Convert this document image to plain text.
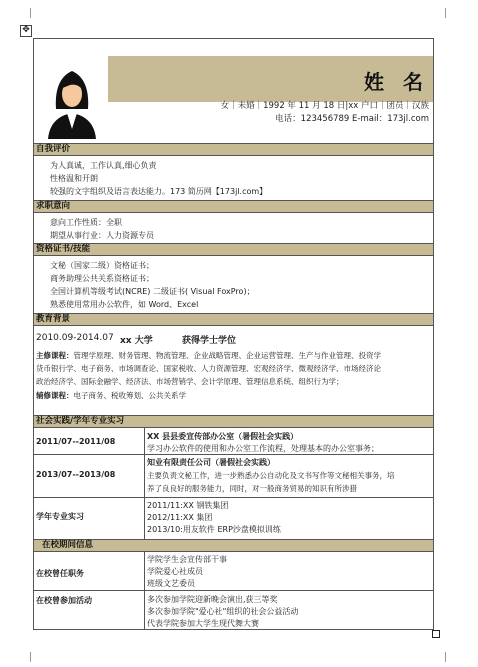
✥
姓 名
女｜未婚｜1992 年 11 月 18 日|xx 户口｜团员｜汉族
电话：123456789 E-mail：173jl.com
自我评价
为人真诚，工作认真,细心负责
性格温和开朗
较强的文字组织及语言表达能力。173 简历网【173jl.com】
求职意向
意向工作性质：全职
期望从事行业：人力资源专员
资格证书/技能
文秘（国家二级）资格证书；
商务助理公共关系资格证书；
全国计算机等级考试(NCRE) 二级证书( Visual FoxPro)；
熟悉使用常用办公软件，如 Word、Excel
教育背景
2010.09-2014.07 xx 大学	获得学士学位
主修课程：管理学原理、财务管理、物流管理、企业战略管理、企业运营管理、生产与作业管理、投资学
货币银行学、电子商务、市场调查论、国家税收、人力资源管理、宏观经济学、微观经济学、市场经济论
政治经济学、国际金融学、经济法、市场营销学、会计学原理、管理信息系统、组织行为学；
辅修课程：电子商务、税收筹划、公共关系学
社会实践/学年专业实习
2011/07--2011/08
XX 县县委宣传部办公室（暑假社会实践）
学习办公软件的使用和办公室工作流程，处理基本的办公室事务；
2013/07--2013/08
知业有限责任公司（暑假社会实践）
主要负责文秘工作，进一步熟悉办公自动化及文书写作等文秘相关事务，培
养了良良好的服务能力，同时，对一般商务贸易的知识有所涉猎
学年专业实习
2011/11:XX 钢铁集团
2012/11:XX 集团
2013/10:用友软件 ERP沙盘模拟训练
在校期间信息
在校曾任职务
学院学生会宣传部干事
学院爱心社成员
班级文艺委员
在校曾参加活动	多次参加学院迎新晚会演出,获三等奖
多次参加学院"爱心社"组织的社会公益活动
代表学院参加大学生现代舞大赛
